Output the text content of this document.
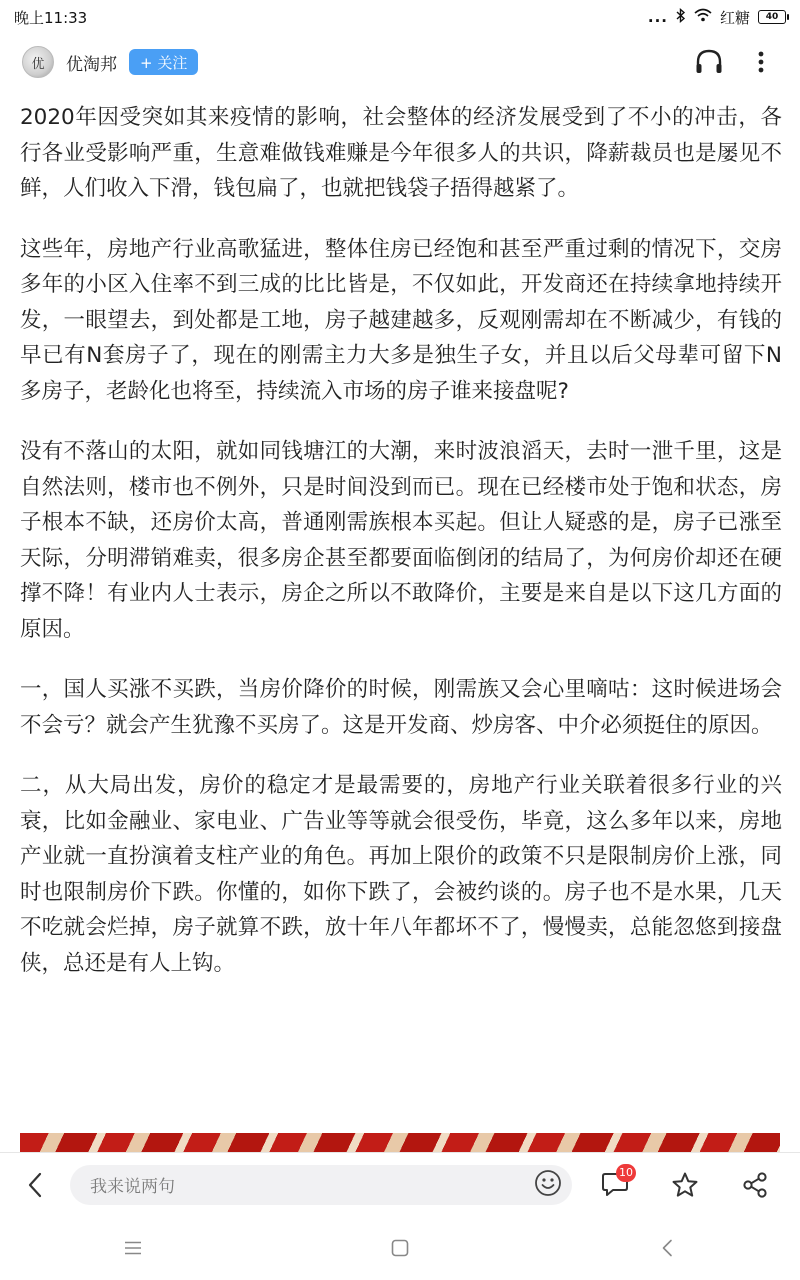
晚上11:33	...	红糖 40
优 优淘邦 + 关注

2020年因受突如其来疫情的影响，社会整体的经济发展受到了不小的冲击，各行各业受影响严重，生意难做钱难赚是今年很多人的共识，降薪裁员也是屡见不鲜，人们收入下滑，钱包扁了，也就把钱袋子捂得越紧了。

这些年，房地产行业高歌猛进，整体住房已经饱和甚至严重过剩的情况下，交房多年的小区入住率不到三成的比比皆是，不仅如此，开发商还在持续拿地持续开发，一眼望去，到处都是工地，房子越建越多，反观刚需却在不断减少，有钱的早已有N套房子了，现在的刚需主力大多是独生子女，并且以后父母辈可留下N多房子，老龄化也将至，持续流入市场的房子谁来接盘呢?

没有不落山的太阳，就如同钱塘江的大潮，来时波浪滔天，去时一泄千里，这是自然法则，楼市也不例外，只是时间没到而已。现在已经楼市处于饱和状态，房子根本不缺，还房价太高，普通刚需族根本买起。但让人疑惑的是，房子已涨至天际，分明滞销难卖，很多房企甚至都要面临倒闭的结局了，为何房价却还在硬撑不降！有业内人士表示，房企之所以不敢降价，主要是来自是以下这几方面的原因。

一，国人买涨不买跌，当房价降价的时候，刚需族又会心里嘀咕：这时候进场会不会亏？就会产生犹豫不买房了。这是开发商、炒房客、中介必须挺住的原因。

二，从大局出发，房价的稳定才是最需要的，房地产行业关联着很多行业的兴衰，比如金融业、家电业、广告业等等就会很受伤，毕竟，这么多年以来，房地产业就一直扮演着支柱产业的角色。再加上限价的政策不只是限制房价上涨，同时也限制房价下跌。你懂的，如你下跌了，会被约谈的。房子也不是水果，几天不吃就会烂掉，房子就算不跌，放十年八年都坏不了，慢慢卖，总能忽悠到接盘侠，总还是有人上钩。

我来说两句
10
